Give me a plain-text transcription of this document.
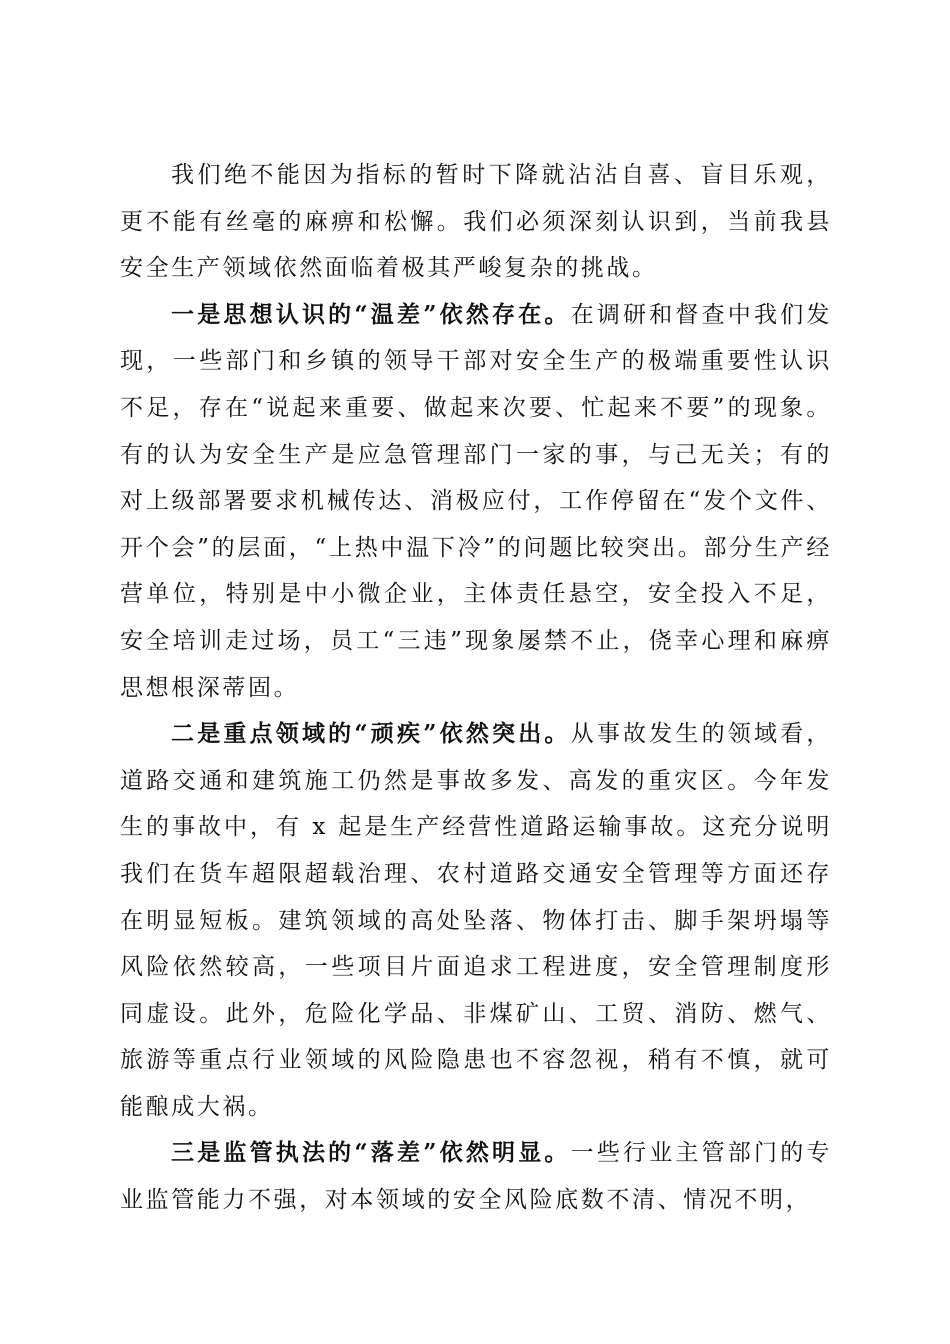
我们绝不能因为指标的暂时下降就沾沾自喜、盲目乐观，更不能有丝毫的麻痹和松懈。我们必须深刻认识到，当前我县安全生产领域依然面临着极其严峻复杂的挑战。

一是思想认识的“温差”依然存在。在调研和督查中我们发现，一些部门和乡镇的领导干部对安全生产的极端重要性认识不足，存在“说起来重要、做起来次要、忙起来不要”的现象。有的认为安全生产是应急管理部门一家的事，与己无关；有的对上级部署要求机械传达、消极应付，工作停留在“发个文件、开个会”的层面，“上热中温下冷”的问题比较突出。部分生产经营单位，特别是中小微企业，主体责任悬空，安全投入不足，安全培训走过场，员工“三违”现象屡禁不止，侥幸心理和麻痹思想根深蒂固。

二是重点领域的“顽疾”依然突出。从事故发生的领域看，道路交通和建筑施工仍然是事故多发、高发的重灾区。今年发生的事故中，有 x 起是生产经营性道路运输事故。这充分说明我们在货车超限超载治理、农村道路交通安全管理等方面还存在明显短板。建筑领域的高处坠落、物体打击、脚手架坍塌等风险依然较高，一些项目片面追求工程进度，安全管理制度形同虚设。此外，危险化学品、非煤矿山、工贸、消防、燃气、旅游等重点行业领域的风险隐患也不容忽视，稍有不慎，就可能酿成大祸。

三是监管执法的“落差”依然明显。一些行业主管部门的专业监管能力不强，对本领域的安全风险底数不清、情况不明，
